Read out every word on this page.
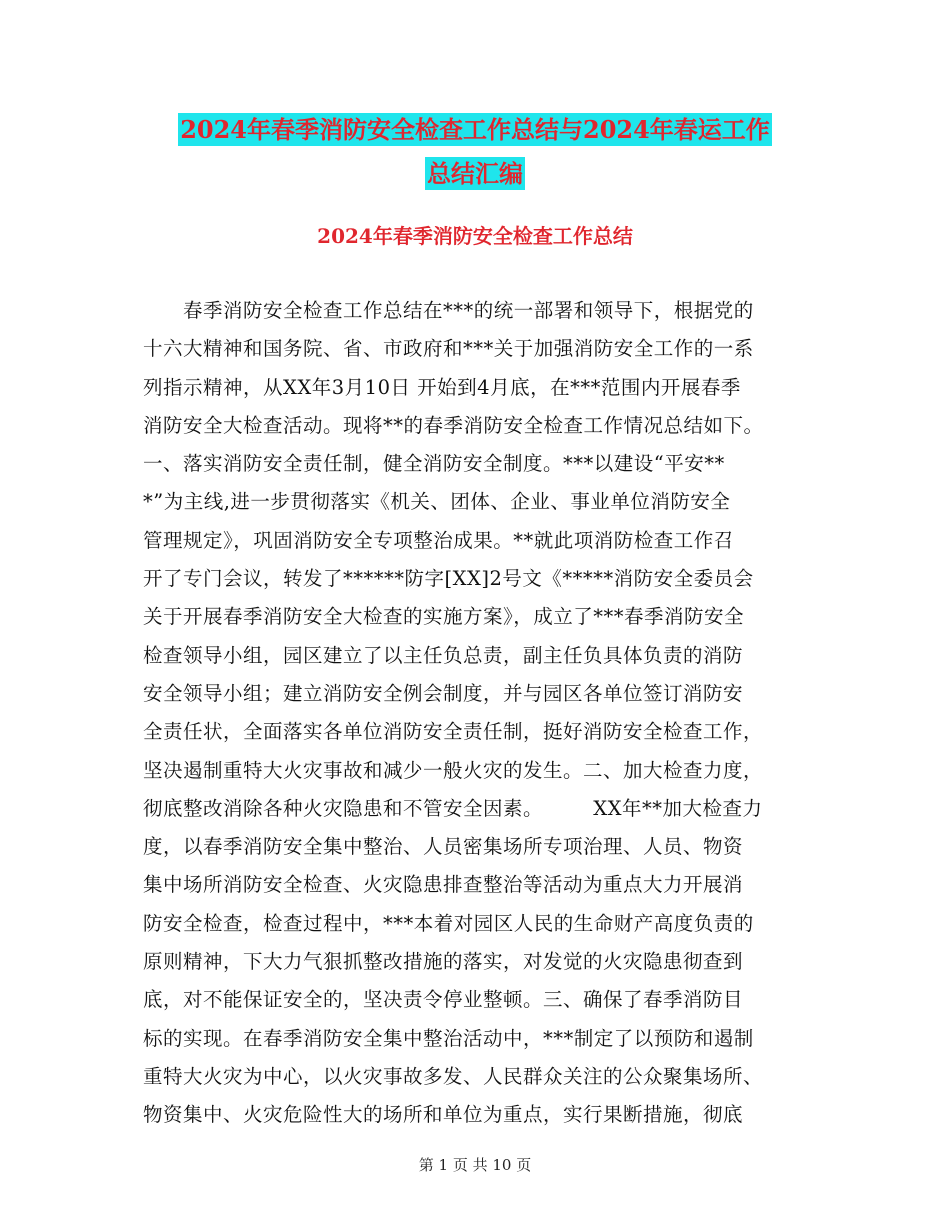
2024年春季消防安全检查工作总结与2024年春运工作
总结汇编
2024年春季消防安全检查工作总结
　　春季消防安全检查工作总结在***的统一部署和领导下，根据党的
十六大精神和国务院、省、市政府和***关于加强消防安全工作的一系
列指示精神，从XX年3月10日 开始到4月底，在***范围内开展春季
消防安全大检查活动。现将**的春季消防安全检查工作情况总结如下。
一、落实消防安全责任制，健全消防安全制度。***以建设“平安**
*”为主线,进一步贯彻落实《机关、团体、企业、事业单位消防安全
管理规定》，巩固消防安全专项整治成果。**就此项消防检查工作召
开了专门会议，转发了******防字[XX]2号文《*****消防安全委员会
关于开展春季消防安全大检查的实施方案》，成立了***春季消防安全
检查领导小组，园区建立了以主任负总责，副主任负具体负责的消防
安全领导小组；建立消防安全例会制度，并与园区各单位签订消防安
全责任状，全面落实各单位消防安全责任制，挺好消防安全检查工作，
坚决遏制重特大火灾事故和减少一般火灾的发生。二、加大检查力度，
彻底整改消除各种火灾隐患和不管安全因素。　　　XX年**加大检查力
度，以春季消防安全集中整治、人员密集场所专项治理、人员、物资
集中场所消防安全检查、火灾隐患排查整治等活动为重点大力开展消
防安全检查，检查过程中，***本着对园区人民的生命财产高度负责的
原则精神，下大力气狠抓整改措施的落实，对发觉的火灾隐患彻查到
底，对不能保证安全的，坚决责令停业整顿。三、确保了春季消防目
标的实现。在春季消防安全集中整治活动中，***制定了以预防和遏制
重特大火灾为中心，以火灾事故多发、人民群众关注的公众聚集场所、
物资集中、火灾危险性大的场所和单位为重点，实行果断措施，彻底
第 1 页 共 10 页
